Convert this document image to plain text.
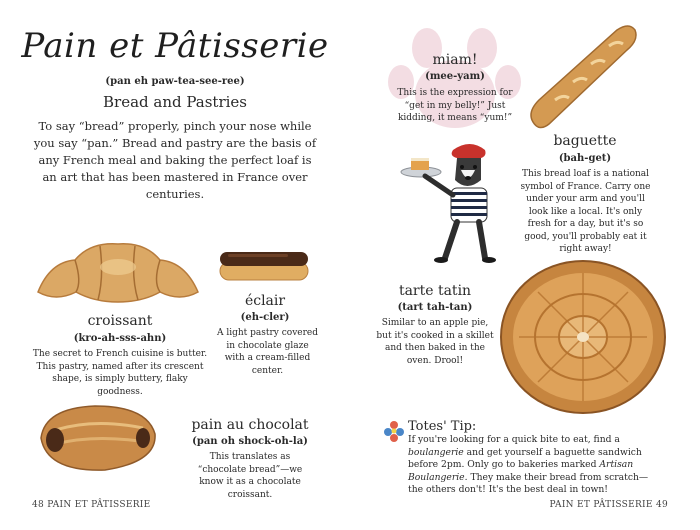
Pain et Pâtisserie
(pan eh paw-tea-see-ree)
Bread and Pastries
To say “bread” properly, pinch your nose while you say “pan.” Bread and pastry are the basis of any French meal and baking the perfect loaf is an art that has been mastered in France over centuries.
croissant
(kro-ah-sss-ahn)
The secret to French cuisine is butter. This pastry, named after its crescent shape, is simply buttery, flaky goodness.
éclair
(eh-cler)
A light pastry covered in chocolate glaze with a cream-filled center.
pain au chocolat
(pan oh shock-oh-la)
This translates as “chocolate bread”—we know it as a chocolate croissant.
48 PAIN ET PÂTISSERIE
miam!
(mee-yam)
This is the expression for “get in my belly!” Just kidding, it means “yum!”
baguette
(bah-get)
This bread loaf is a national symbol of France. Carry one under your arm and you'll look like a local. It's only fresh for a day, but it's so good, you'll probably eat it right away!
tarte tatin
(tart tah-tan)
Similar to an apple pie, but it's cooked in a skillet and then baked in the oven. Drool!
Totes' Tip:
If you're looking for a quick bite to eat, find a boulangerie and get yourself a baguette sandwich before 2pm. Only go to bakeries marked Artisan Boulangerie. They make their bread from scratch—the others don't! It's the best deal in town!
PAIN ET PÂTISSERIE 49
